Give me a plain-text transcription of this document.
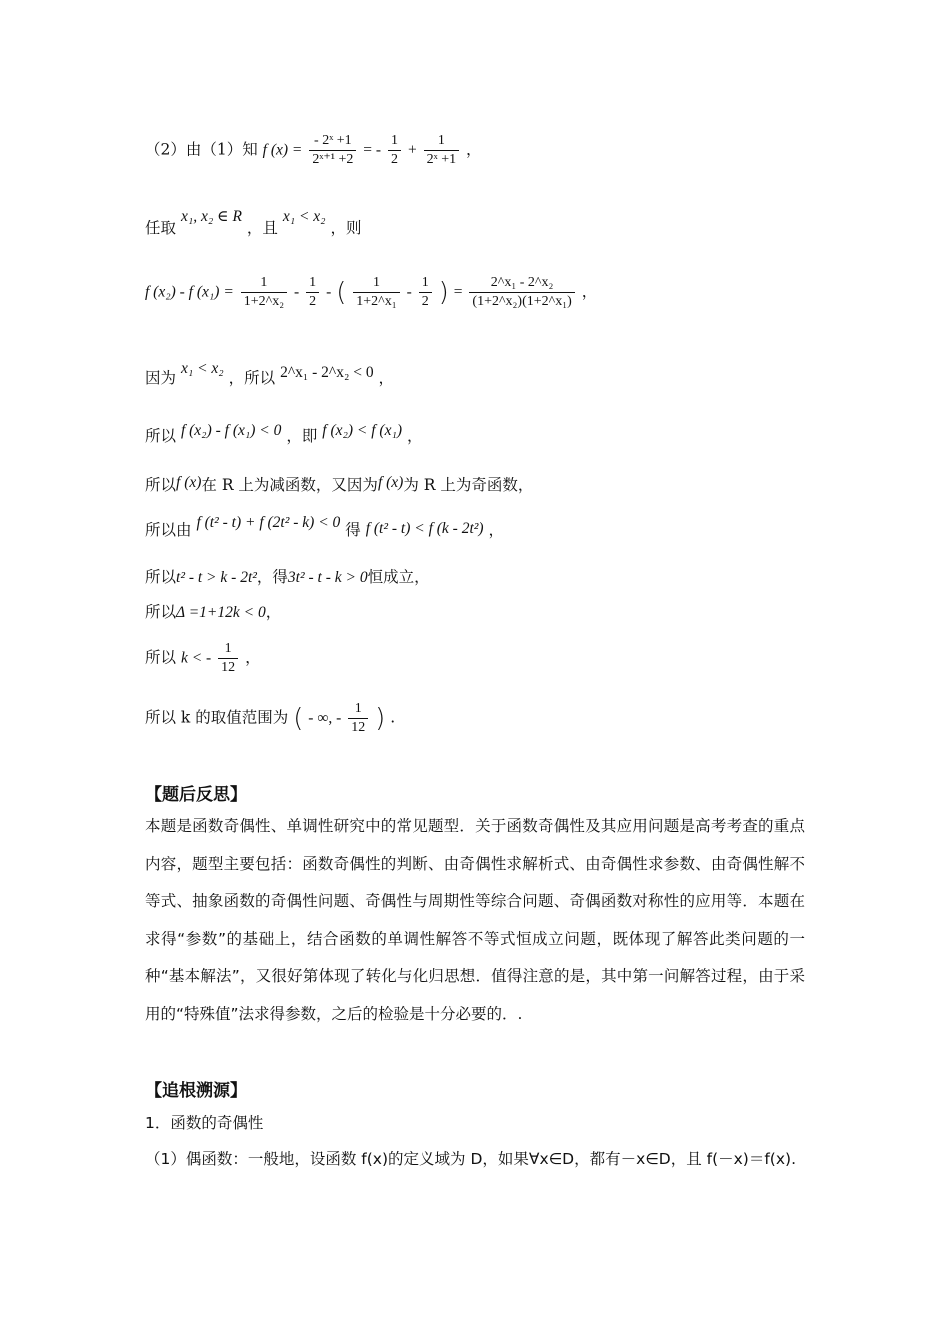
（2）由（1）知 f $(x) = \frac{\text{- 2ˣ +1}}{\text{2ˣ⁺¹ +2}}$ = - $\frac{1}{2} + \frac{1}{\text{2ˣ +1}}$ ，
任取 x₁, x₂ ∈ R ，且 x₁ < x₂ ，则
f (x₂) - f $(x_1) = \frac{1}{\text{1+2\textasciicircum{}x₂}} - \frac{1}{2}$ - ( $\frac{1}{\text{1+2\textasciicircum{}x₁}} - \frac{1}{2}$ ) = $\frac{\text{2\textasciicircum{}x₁ - 2\textasciicircum{}x₂}}{\text{(1+2\textasciicircum{}x₂)(1+2\textasciicircum{}x₁)}}$ ，
因为 x₁ < x₂ ，所以 2^x₁ - 2^x₂ < 0 ，
所以 f (x₂) - f (x₁) < 0 ，即 f (x₂) < f (x₁) ，
所以f (x)在 R 上为减函数，又因为f (x)为 R 上为奇函数，
所以由 f (t² - t) + f (2t² - k) < 0 得 f (t² - t) < f (k - 2t²) ，
所以t² - t > k - 2t²，得3t² - t - k > 0恒成立，
所以Δ =1+12k < 0，
所以 k < - $\frac{1}{12}$ ，
所以 k 的取值范围为 ( - ∞, - $\frac{1}{12}$ ) .
【题后反思】
本题是函数奇偶性、单调性研究中的常见题型．关于函数奇偶性及其应用问题是高考考查的重点内容，题型主要包括：函数奇偶性的判断、由奇偶性求解析式、由奇偶性求参数、由奇偶性解不等式、抽象函数的奇偶性问题、奇偶性与周期性等综合问题、奇偶函数对称性的应用等．本题在求得“参数”的基础上，结合函数的单调性解答不等式恒成立问题，既体现了解答此类问题的一种“基本解法”，又很好第体现了转化与化归思想．值得注意的是，其中第一问解答过程，由于采用的“特殊值”法求得参数，之后的检验是十分必要的．.
【追根溯源】
1．函数的奇偶性
（1）偶函数：一般地，设函数 f(x)的定义域为 D，如果∀x∈D，都有－x∈D，且 f(－x)＝f(x).
